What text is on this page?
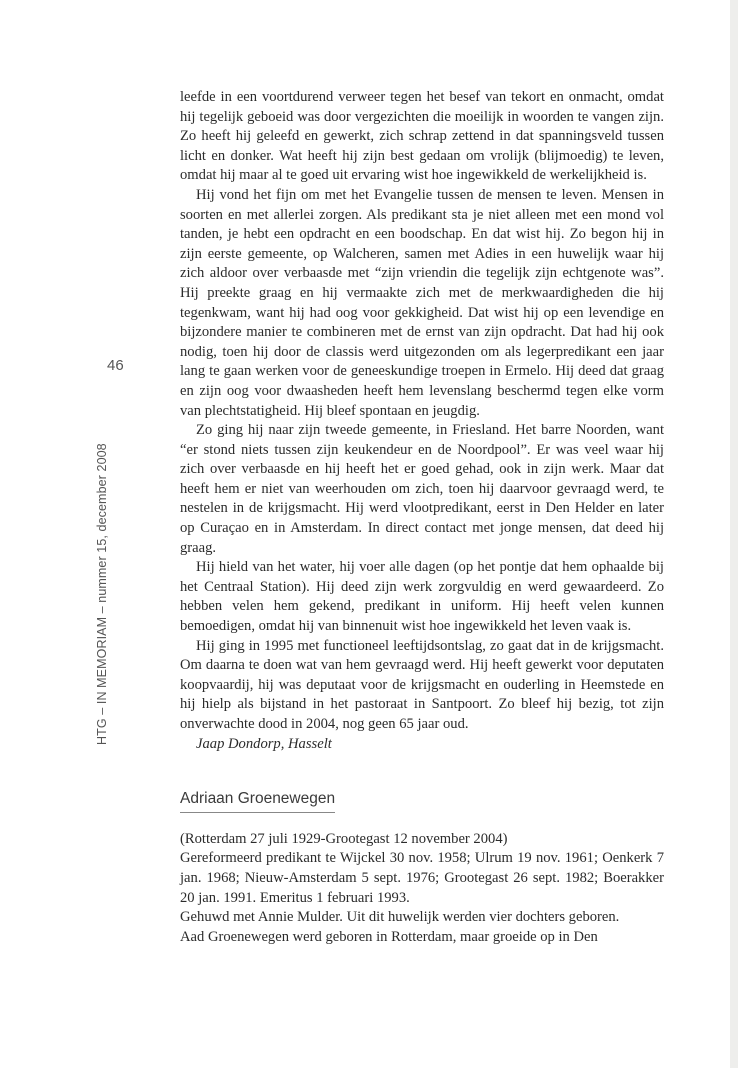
46
HTG – IN MEMORIAM – nummer 15, december 2008

leefde in een voortdurend verweer tegen het besef van tekort en onmacht, omdat hij tegelijk geboeid was door vergezichten die moeilijk in woorden te vangen zijn. Zo heeft hij geleefd en gewerkt, zich schrap zettend in dat spanningsveld tussen licht en donker. Wat heeft hij zijn best gedaan om vrolijk (blijmoedig) te leven, omdat hij maar al te goed uit ervaring wist hoe ingewikkeld de werkelijkheid is.

Hij vond het fijn om met het Evangelie tussen de mensen te leven. Mensen in soorten en met allerlei zorgen. Als predikant sta je niet alleen met een mond vol tanden, je hebt een opdracht en een boodschap. En dat wist hij. Zo begon hij in zijn eerste gemeente, op Walcheren, samen met Adies in een huwelijk waar hij zich aldoor over verbaasde met “zijn vriendin die tegelijk zijn echtgenote was”. Hij preekte graag en hij vermaakte zich met de merkwaardigheden die hij tegenkwam, want hij had oog voor gekkigheid. Dat wist hij op een levendige en bijzondere manier te combineren met de ernst van zijn opdracht. Dat had hij ook nodig, toen hij door de classis werd uitgezonden om als legerpredikant een jaar lang te gaan werken voor de geneeskundige troepen in Ermelo. Hij deed dat graag en zijn oog voor dwaasheden heeft hem levenslang beschermd tegen elke vorm van plechtstatigheid. Hij bleef spontaan en jeugdig.

Zo ging hij naar zijn tweede gemeente, in Friesland. Het barre Noorden, want “er stond niets tussen zijn keukendeur en de Noordpool”. Er was veel waar hij zich over verbaasde en hij heeft het er goed gehad, ook in zijn werk. Maar dat heeft hem er niet van weerhouden om zich, toen hij daarvoor gevraagd werd, te nestelen in de krijgsmacht. Hij werd vlootpredikant, eerst in Den Helder en later op Curaçao en in Amsterdam. In direct contact met jonge mensen, dat deed hij graag.

Hij hield van het water, hij voer alle dagen (op het pontje dat hem ophaalde bij het Centraal Station). Hij deed zijn werk zorgvuldig en werd gewaardeerd. Zo hebben velen hem gekend, predikant in uniform. Hij heeft velen kunnen bemoedigen, omdat hij van binnenuit wist hoe ingewikkeld het leven vaak is.

Hij ging in 1995 met functioneel leeftijdsontslag, zo gaat dat in de krijgsmacht. Om daarna te doen wat van hem gevraagd werd. Hij heeft gewerkt voor deputaten koopvaardij, hij was deputaat voor de krijgsmacht en ouderling in Heemstede en hij hielp als bijstand in het pastoraat in Santpoort. Zo bleef hij bezig, tot zijn onverwachte dood in 2004, nog geen 65 jaar oud.

Jaap Dondorp, Hasselt

Adriaan Groenewegen

(Rotterdam 27 juli 1929-Grootegast 12 november 2004)

Gereformeerd predikant te Wijckel 30 nov. 1958; Ulrum 19 nov. 1961; Oenkerk 7 jan. 1968; Nieuw-Amsterdam 5 sept. 1976; Grootegast 26 sept. 1982; Boerakker 20 jan. 1991. Emeritus 1 februari 1993.

Gehuwd met Annie Mulder. Uit dit huwelijk werden vier dochters geboren.

Aad Groenewegen werd geboren in Rotterdam, maar groeide op in Den
